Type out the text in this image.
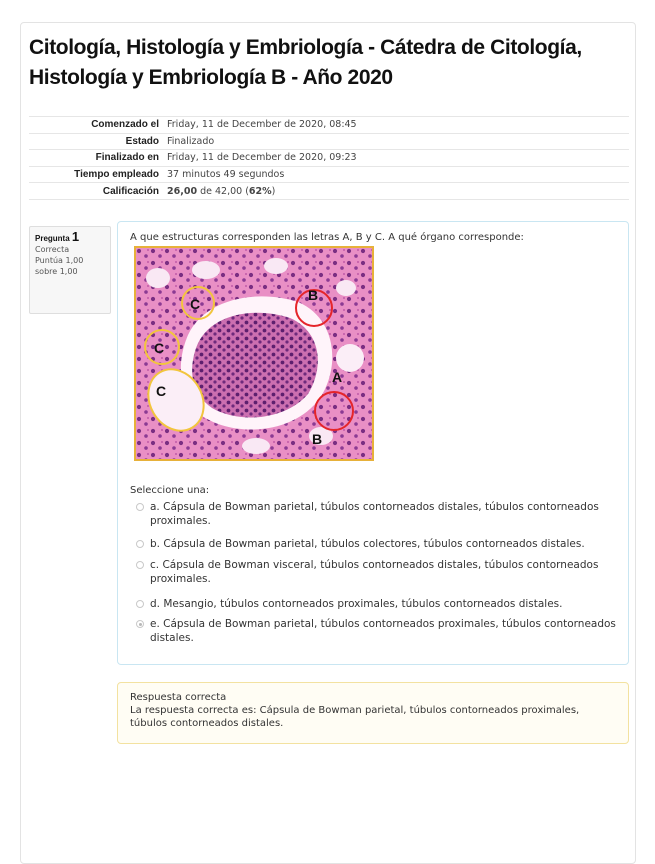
Citología, Histología y Embriología - Cátedra de Citología, Histología y Embriología B - Año 2020
Comenzado el	Friday, 11 de December de 2020, 08:45
Estado	Finalizado
Finalizado en	Friday, 11 de December de 2020, 09:23
Tiempo empleado	37 minutos 49 segundos
Calificación	26,00 de 42,00 (62%)
Pregunta 1
Correcta
Puntúa 1,00 sobre 1,00
A que estructuras corresponden las letras A, B y C. A qué órgano corresponde:
C
C
C
B
B
A
Seleccione una:
a. Cápsula de Bowman parietal, túbulos contorneados distales, túbulos contorneados proximales.
b. Cápsula de Bowman parietal, túbulos colectores, túbulos contorneados distales.
c. Cápsula de Bowman visceral, túbulos contorneados distales, túbulos contorneados proximales.
d. Mesangio, túbulos contorneados proximales, túbulos contorneados distales.
e. Cápsula de Bowman parietal, túbulos contorneados proximales, túbulos contorneados distales.
Respuesta correcta
La respuesta correcta es: Cápsula de Bowman parietal, túbulos contorneados proximales, túbulos contorneados distales.
